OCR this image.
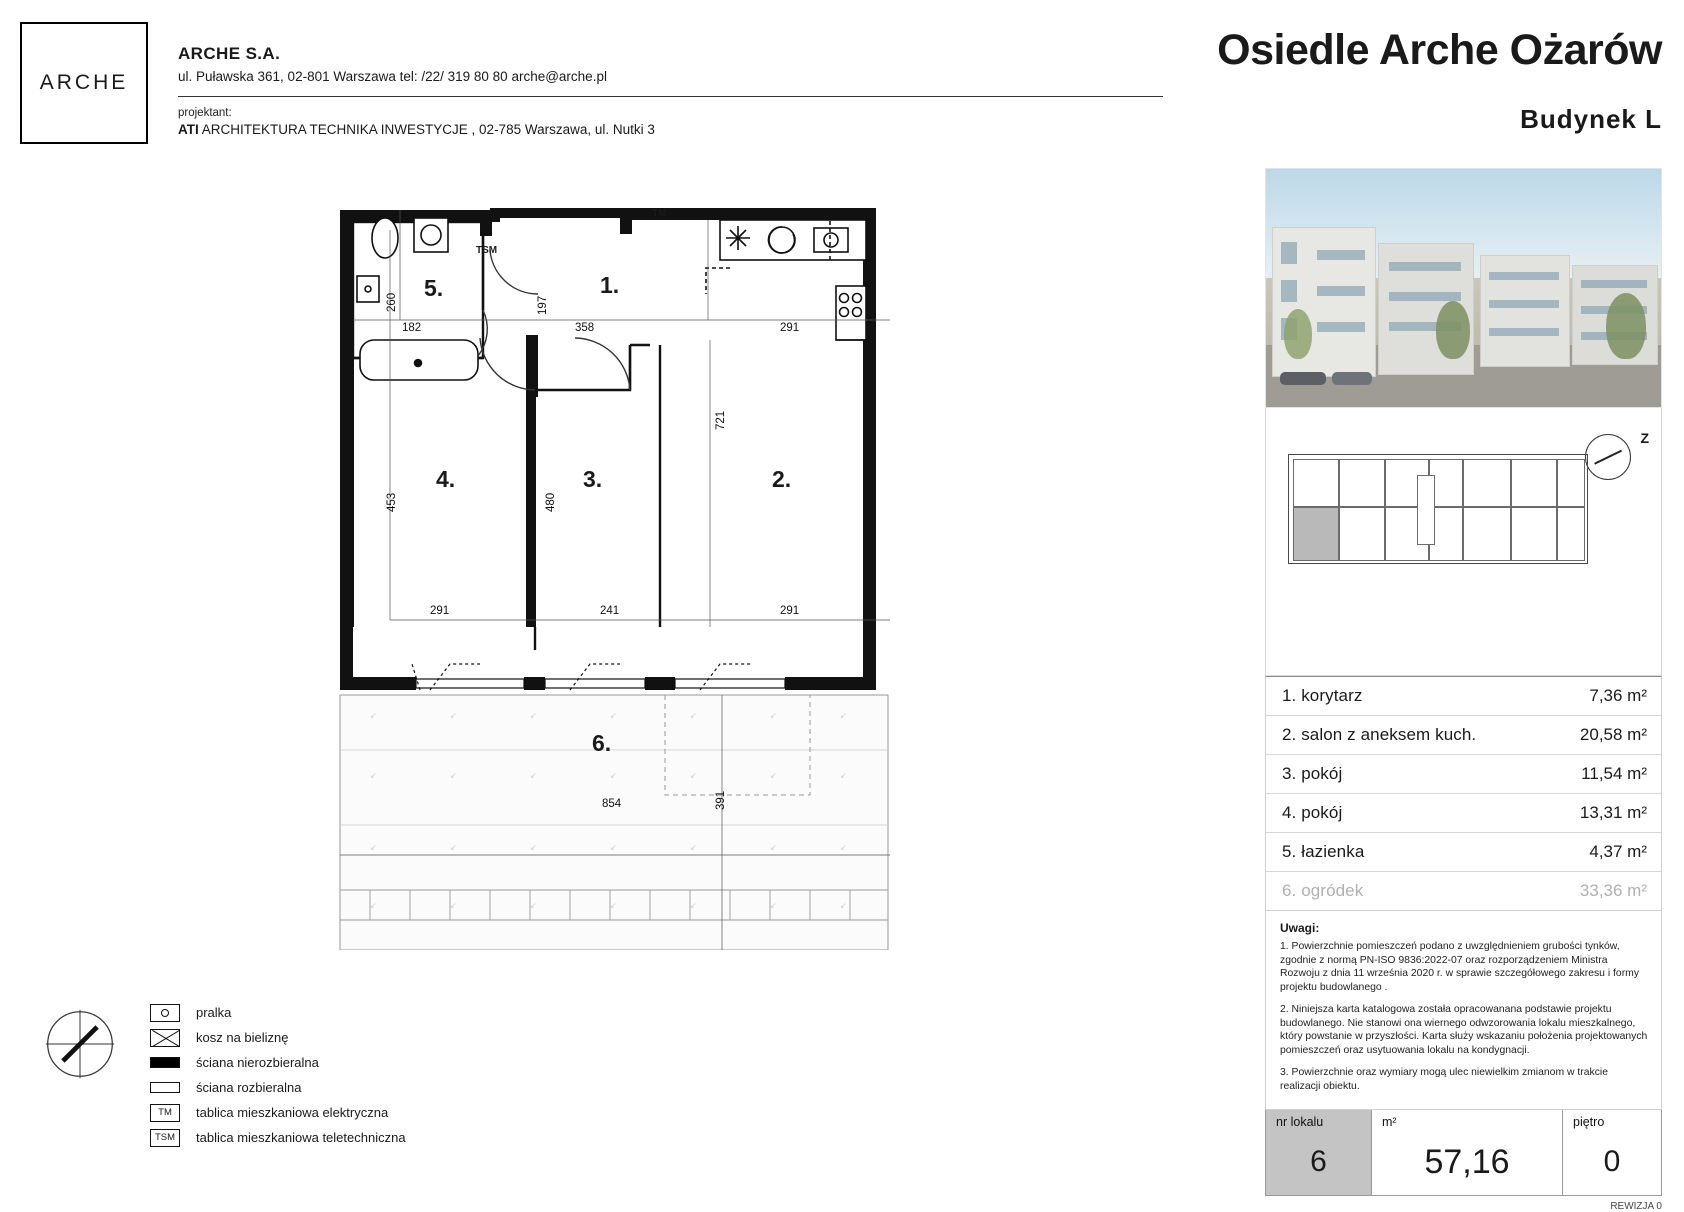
ARCHE
ARCHE S.A.
ul. Puławska 361, 02-801 Warszawa tel: /22/ 319 80 80 arche@arche.pl
projektant:
ATI ARCHITEKTURA TECHNIKA INWESTYCJE , 02-785 Warszawa, ul. Nutki 3
Osiedle Arche Ożarów
Budynek L
↙	↙	↙	↙	↙	↙	↙
↙	↙	↙	↙	↙	↙	↙
↙	↙	↙	↙	↙	↙	↙
↙	↙	↙	↙	↙	↙	↙
5.	1.
4.	3.	2.
6.
TSM
TM
260	197
182	358	291
721
453	480
291	241	291
854	391
Z
1. korytarz	7,36 m²
2. salon z aneksem kuch.	20,58 m²
3. pokój	11,54 m²
4. pokój	13,31 m²
5. łazienka	4,37 m²
6. ogródek	33,36 m²
Uwagi:

1. Powierzchnie pomieszczeń podano z uwzględnieniem grubości tynków, zgodnie z normą PN-ISO 9836:2022-07 oraz rozporządzeniem Ministra Rozwoju z dnia 11 września 2020 r. w sprawie szczegółowego zakresu i formy projektu budowlanego .

2. Niniejsza karta katalogowa została opracowanana podstawie projektu budowlanego. Nie stanowi ona wiernego odwzorowania lokalu mieszkalnego, który powstanie w przyszłości. Karta służy wskazaniu położenia projektowanych pomieszczeń oraz usytuowania lokalu na kondygnacji.

3. Powierzchnie oraz wymiary mogą ulec niewielkim zmianom w trakcie realizacji obiektu.

nr lokalu
6
m²
57,16
piętro
0
REWIZJA 0
pralka
kosz na bieliznę
ściana nierozbieralna
ściana rozbieralna
TM	tablica mieszkaniowa elektryczna
TSM	tablica mieszkaniowa teletechniczna
